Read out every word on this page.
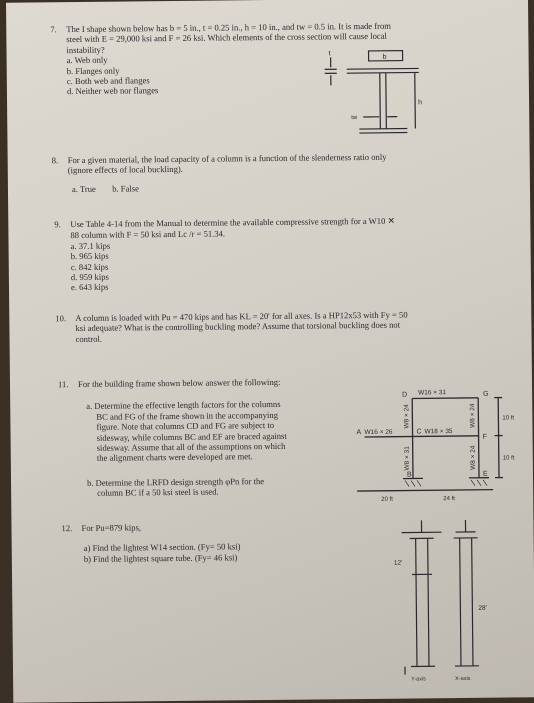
7. The I shape shown below has b = 5 in., t = 0.25 in., h = 10 in., and tw = 0.5 in. It is made from

steel with E = 29,000 ksi and F = 26 ksi. Which elements of the cross section will cause local

instability?

a. Web only

b. Flanges only

c. Both web and flanges

d. Neither web nor flanges

t	b
h
tw
8. For a given material, the load capacity of a column is a function of the slenderness ratio only

(ignore effects of local buckling).

a. True b. False

9. Use Table 4-14 from the Manual to determine the available compressive strength for a W10 ✕

88 column with F = 50 ksi and Lc /r = 51.34.

a. 37.1 kips

b. 965 kips

c. 842 kips

d. 959 kips

e. 643 kips

10. A column is loaded with Pu = 470 kips and has KL = 20' for all axes. Is a HP12x53 with Fy = 50

ksi adequate? What is the controlling buckling mode? Assume that torsional buckling does not

control.

11. For the building frame shown below answer the following:

a. Determine the effective length factors for the columns

BC and FG of the frame shown in the accompanying

figure. Note that columns CD and FG are subject to

sidesway, while columns BC and EF are braced against

sidesway. Assume that all of the assumptions on which

the alignment charts were developed are met.

b. Determine the LRFD design strength φPn for the

column BC if a 50 ksi steel is used.

D W16 × 31	G
A W16 × 26	C W18 × 35
F
B	E
W8 × 24	W8 × 24
W8 × 31	W8 × 24
10 ft
10 ft
20 ft	24 ft
12. For Pu=879 kips,

a) Find the lightest W14 section. (Fy= 50 ksi)

b) Find the lightest square tube. (Fy= 46 ksi)	12'
28'
Y-axis	X-axis
